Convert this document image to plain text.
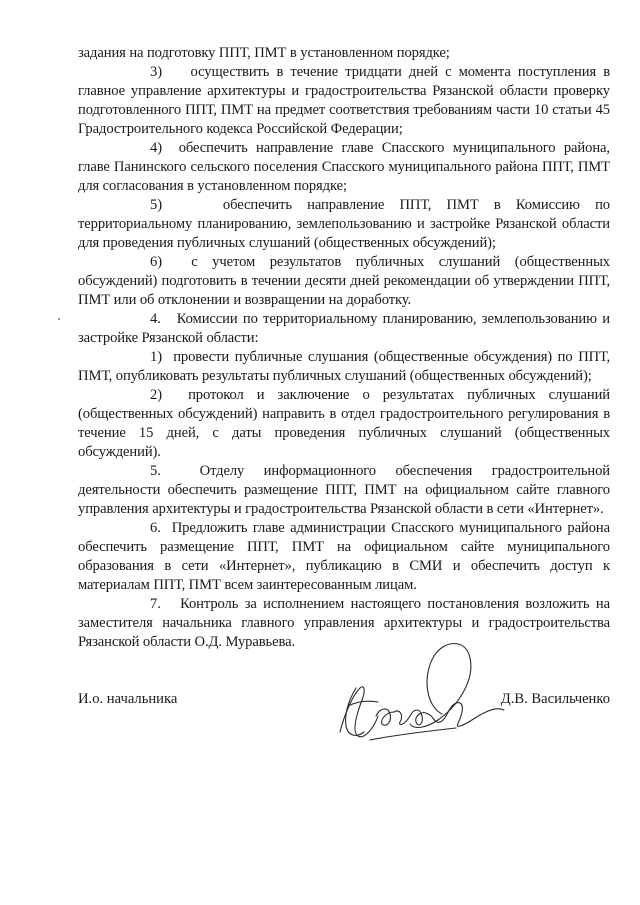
задания на подготовку ППТ, ПМТ в установленном порядке;

3) осуществить в течение тридцати дней с момента поступления в главное управление архитектуры и градостроительства Рязанской области проверку подготовленного ППТ, ПМТ на предмет соответствия требованиям части 10 статьи 45 Градостроительного кодекса Российской Федерации;

4) обеспечить направление главе Спасского муниципального района, главе Панинского сельского поселения Спасского муниципального района ППТ, ПМТ для согласования в установленном порядке;

5)	обеспечить направление ППТ, ПМТ в Комиссию по территориальному планированию, землепользованию и застройке Рязанской области для проведения публичных слушаний (общественных обсуждений);

6) с учетом результатов публичных слушаний (общественных обсуждений) подготовить в течении десяти дней рекомендации об утверждении ППТ, ПМТ или об отклонении и возвращении на доработку.

4. Комиссии по территориальному планированию, землепользованию и застройке Рязанской области:

1) провести публичные слушания (общественные обсуждения) по ППТ, ПМТ, опубликовать результаты публичных слушаний (общественных обсуждений);

2) протокол и заключение о результатах публичных слушаний (общественных обсуждений) направить в отдел градостроительного регулирования в течение 15 дней, с даты проведения публичных слушаний (общественных обсуждений).

5.	Отделу информационного обеспечения градостроительной деятельности обеспечить размещение ППТ, ПМТ на официальном сайте главного управления архитектуры и градостроительства Рязанской области в сети «Интернет».

6. Предложить главе администрации Спасского муниципального района обеспечить размещение ППТ, ПМТ на официальном сайте муниципального образования в сети «Интернет», публикацию в СМИ и обеспечить доступ к материалам ППТ, ПМТ всем заинтересованным лицам.

7. Контроль за исполнением настоящего постановления возложить на заместителя начальника главного управления архитектуры и градостроительства Рязанской области О.Д. Муравьева.

И.о. начальника	Д.В. Васильченко
